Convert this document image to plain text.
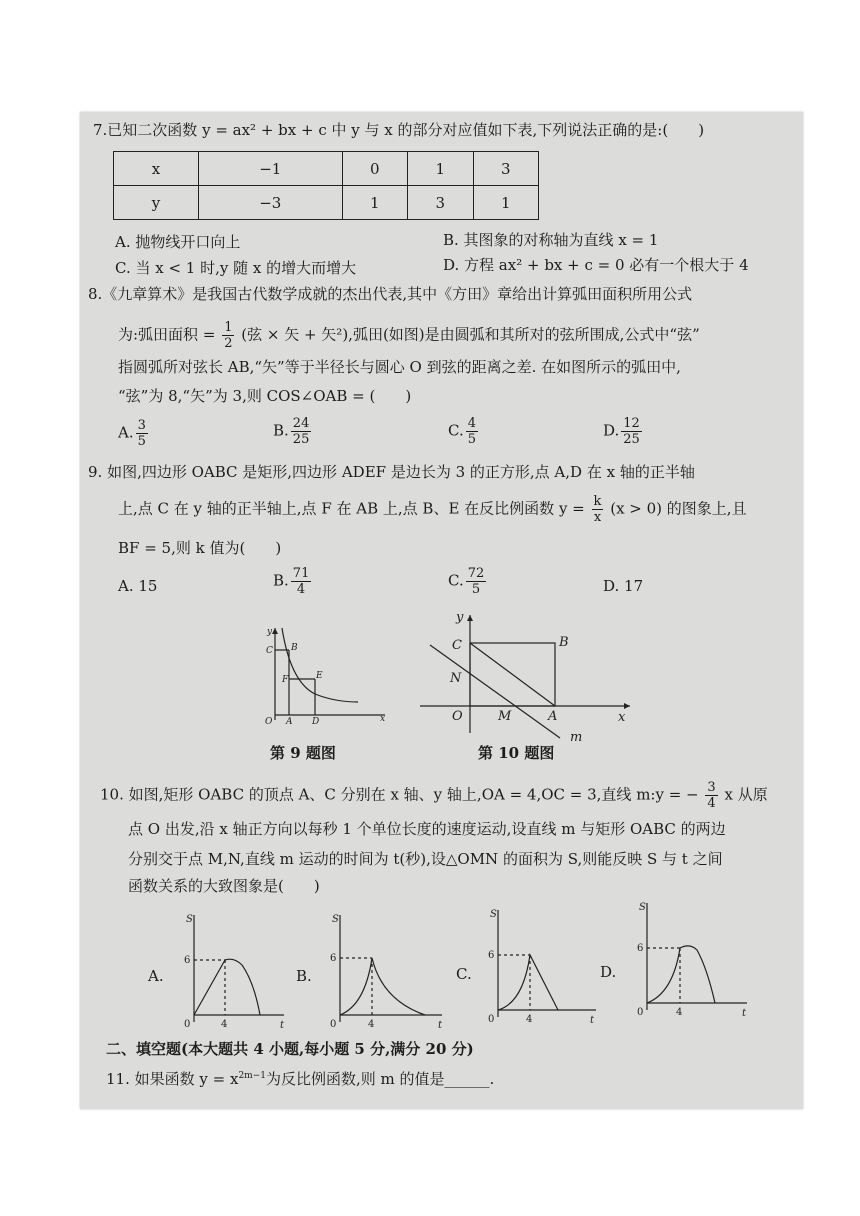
7.已知二次函数 y = ax² + bx + c 中 y 与 x 的部分对应值如下表,下列说法正确的是:(　　)
x	−1	0	1	3
y	−3	1	3	1
A. 抛物线开口向上	B. 其图象的对称轴为直线 x = 1
C. 当 x < 1 时,y 随 x 的增大而增大	D. 方程 ax² + bx + c = 0 必有一个根大于 4
8.《九章算术》是我国古代数学成就的杰出代表,其中《方田》章给出计算弧田面积所用公式
为:弧田面积 = $\frac{1}{2}$ (弦 × 矢 + 矢²),弧田(如图)是由圆弧和其所对的弦所围成,公式中“弦”
指圆弧所对弦长 AB,“矢”等于半径长与圆心 O 到弦的距离之差. 在如图所示的弧田中,
“弦”为 8,“矢”为 3,则 COS∠OAB = (　　)
A. $\frac{3}{5}$	B. $\frac{24}{25}$	C. $\frac{4}{5}$	D. $\frac{12}{25}$
9. 如图,四边形 OABC 是矩形,四边形 ADEF 是边长为 3 的正方形,点 A,D 在 x 轴的正半轴
上,点 C 在 y 轴的正半轴上,点 F 在 AB 上,点 B、E 在反比例函数 $y = \frac{k}{x} (x > 0)$ 的图象上,且
BF = 5,则 k 值为(　　)
A. 15	B. $\frac{71}{4}$	C. $\frac{72}{5}$	D. 17
y
x
C B
F	E
O A D
第 9 题图
y
x
C	B
N
O	M	A
m
第 10 题图
10. 如图,矩形 OABC 的顶点 A、C 分别在 x 轴、y 轴上,OA = 4,OC = 3,直线 m:y = − $\frac{3}{4}$ x 从原
点 O 出发,沿 x 轴正方向以每秒 1 个单位长度的速度运动,设直线 m 与矩形 OABC 的两边
分别交于点 M,N,直线 m 运动的时间为 t(秒),设△OMN 的面积为 S,则能反映 S 与 t 之间
函数关系的大致图象是(　　)
A.
S
t
0
6
4
B.
S
t
0
6
4
C.
S
t
0
6
4
D.
S
t
0
6
4
二、填空题(本大题共 4 小题,每小题 5 分,满分 20 分)
11. 如果函数 $y = x^{2m-1}$为反比例函数,则 m 的值是______.
